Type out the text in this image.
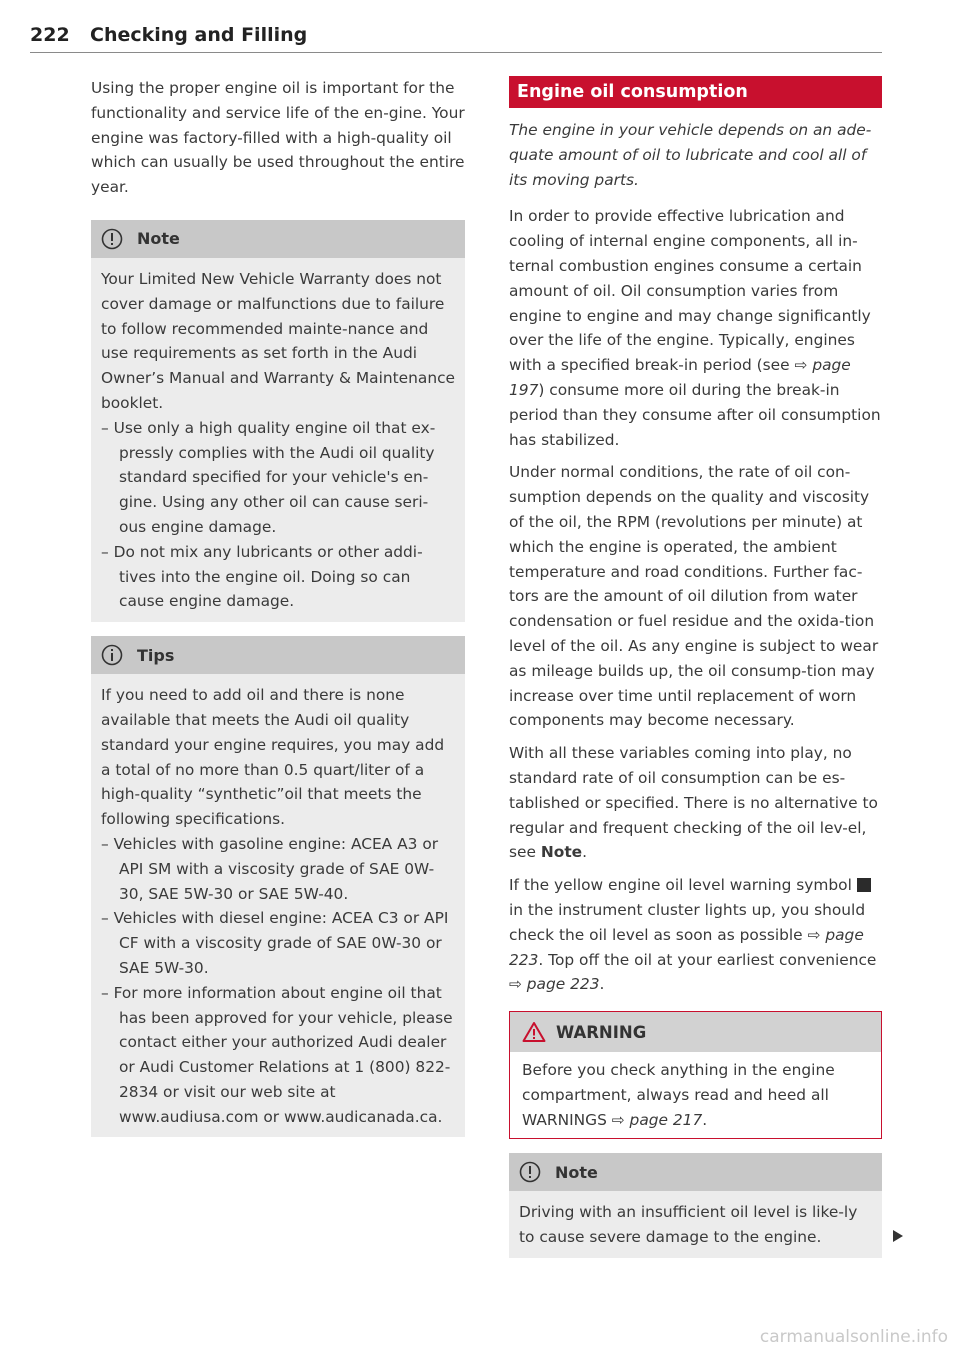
222 Checking and Filling

Using the proper engine oil is important for the functionality and service life of the en-gine. Your engine was factory-filled with a high-quality oil which can usually be used throughout the entire year.

Note

Your Limited New Vehicle Warranty does not cover damage or malfunctions due to failure to follow recommended mainte-nance and use requirements as set forth in the Audi Owner’s Manual and Warranty & Maintenance booklet.

– Use only a high quality engine oil that ex-pressly complies with the Audi oil quality standard specified for your vehicle's en-gine. Using any other oil can cause seri-ous engine damage.

– Do not mix any lubricants or other addi-tives into the engine oil. Doing so can cause engine damage.

Tips

If you need to add oil and there is none available that meets the Audi oil quality standard your engine requires, you may add a total of no more than 0.5 quart/liter of a high-quality “synthetic”oil that meets the following specifications.

– Vehicles with gasoline engine: ACEA A3 or API SM with a viscosity grade of SAE 0W-30, SAE 5W-30 or SAE 5W-40.

– Vehicles with diesel engine: ACEA C3 or API CF with a viscosity grade of SAE 0W-30 or SAE 5W-30.

– For more information about engine oil that has been approved for your vehicle, please contact either your authorized Audi dealer or Audi Customer Relations at 1 (800) 822-2834 or visit our web site at www.audiusa.com or www.audicanada.ca.

Engine oil consumption

The engine in your vehicle depends on an ade-quate amount of oil to lubricate and cool all of its moving parts.

In order to provide effective lubrication and cooling of internal engine components, all in-ternal combustion engines consume a certain amount of oil. Oil consumption varies from engine to engine and may change significantly over the life of the engine. Typically, engines with a specified break-in period (see ⇨ page 197) consume more oil during the break-in period than they consume after oil consumption has stabilized.

Under normal conditions, the rate of oil con-sumption depends on the quality and viscosity of the oil, the RPM (revolutions per minute) at which the engine is operated, the ambient temperature and road conditions. Further fac-tors are the amount of oil dilution from water condensation or fuel residue and the oxida-tion level of the oil. As any engine is subject to wear as mileage builds up, the oil consump-tion may increase over time until replacement of worn components may become necessary.

With all these variables coming into play, no standard rate of oil consumption can be es-tablished or specified. There is no alternative to regular and frequent checking of the oil lev-el, see Note.

If the yellow engine oil level warning symbol in the instrument cluster lights up, you should check the oil level as soon as possible ⇨ page 223. Top off the oil at your earliest convenience ⇨ page 223.

WARNING

Before you check anything in the engine compartment, always read and heed all WARNINGS ⇨ page 217.

Note

Driving with an insufficient oil level is like-ly to cause severe damage to the engine.

carmanualsonline.info
